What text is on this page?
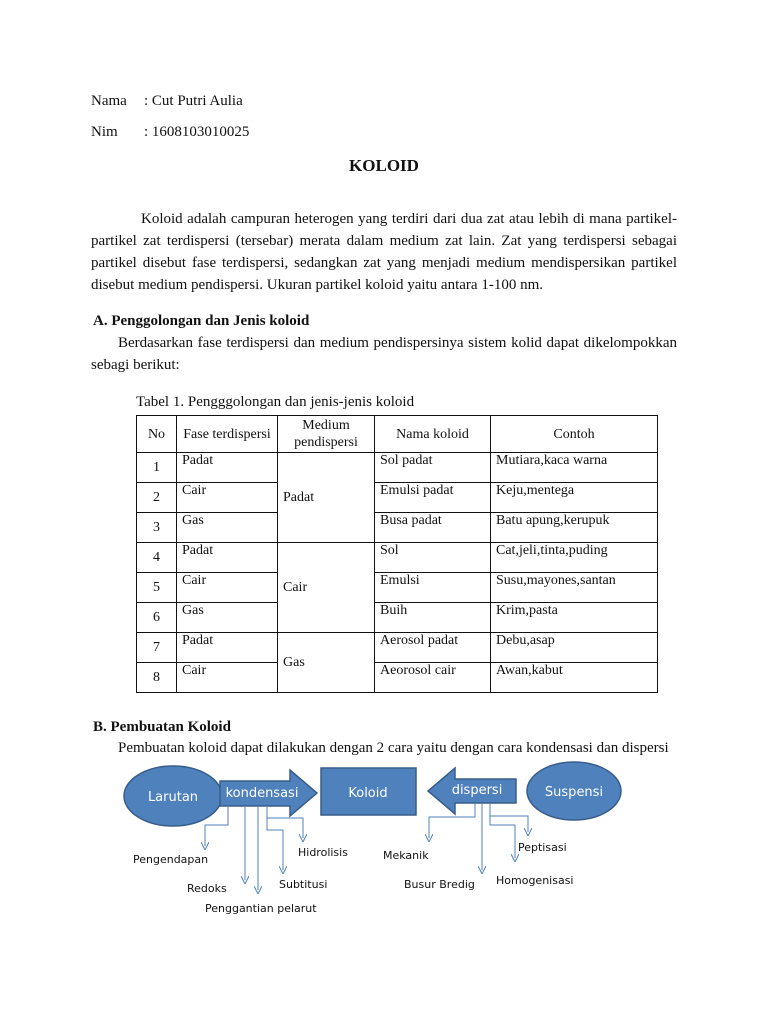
Nama : Cut Putri Aulia
Nim : 1608103010025
KOLOID
Koloid adalah campuran heterogen yang terdiri dari dua zat atau lebih di mana partikel-partikel zat terdispersi (tersebar) merata dalam medium zat lain. Zat yang terdispersi sebagai partikel disebut fase terdispersi, sedangkan zat yang menjadi medium mendispersikan partikel disebut medium pendispersi. Ukuran partikel koloid yaitu antara 1-100 nm.
A. Penggolongan dan Jenis koloid
Berdasarkan fase terdispersi dan medium pendispersinya sistem kolid dapat dikelompokkan sebagi berikut:
Tabel 1. Pengggolongan dan jenis-jenis koloid
No	Fase terdispersi	Medium pendispersi	Nama koloid	Contoh
1	Padat	Padat	Sol padat	Mutiara,kaca warna
2	Cair		Emulsi padat	Keju,mentega
3	Gas		Busa padat	Batu apung,kerupuk
4	Padat	Cair	Sol	Cat,jeli,tinta,puding
5	Cair		Emulsi	Susu,mayones,santan
6	Gas		Buih	Krim,pasta
7	Padat	Gas	Aerosol padat	Debu,asap
8	Cair		Aeorosol cair	Awan,kabut
B. Pembuatan Koloid
Pembuatan koloid dapat dilakukan dengan 2 cara yaitu dengan cara kondensasi dan dispersi
Larutan kondensasi	Koloid	dispersi	Suspensi
Pengendapan
Redoks
Penggantian pelarut
Subtitusi
Hidrolisis	Mekanik
Busur Bredig Homogenisasi
Peptisasi
